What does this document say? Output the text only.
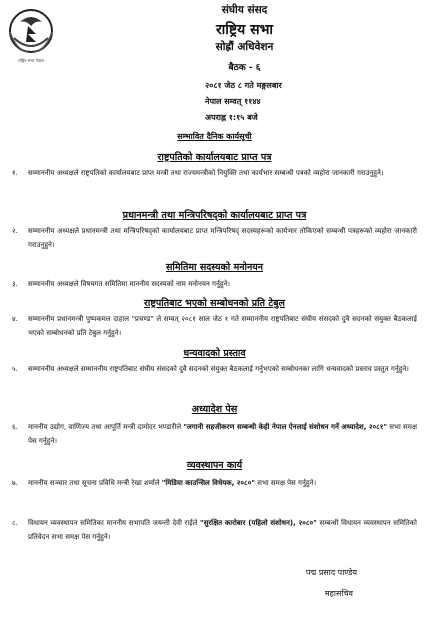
राष्ट्रिय सभा नेपाल
संघीय संसद
राष्ट्रिय सभा
सोह्रौं अधिवेशन
बैठक - ६
२०८१ जेठ ८ गते मङ्गलबार
नेपाल सम्वत् ११४४
अपराह्न १:१५ बजे
सम्भावित दैनिक कार्यसूची
राष्ट्रपतिको कार्यालयबाट प्राप्त पत्र
१. सम्माननीय अध्यक्षले राष्ट्रपतिको कार्यालयबाट प्राप्त मन्त्री तथा राज्यमन्त्रीको नियुक्ति तथा कार्यभार सम्बन्धी पत्रको व्यहोरा जानकारी गराउनुहुने।
प्रधानमन्त्री तथा मन्त्रिपरिषद्को कार्यालयबाट प्राप्त पत्र
२. सम्माननीय अध्यक्षले प्रधानमन्त्री तथा मन्त्रिपरिषद्को कार्यालयबाट प्राप्त मन्त्रिपरिषद् सदस्यहरूको कार्यभार तोकिएको सम्बन्धी पत्रहरूको व्यहोरा जानकारी गराउनुहुने।
समितिमा सदस्यको मनोनयन
३. सम्माननीय अध्यक्षले विषयगत समितिमा माननीय सदस्यको नाम मनोनयन गर्नुहुने।
राष्ट्रपतिबाट भएको सम्बोधनको प्रति टेबुल
४. सम्माननीय प्रधानमन्त्री पुष्पकमल दाहाल "प्रचण्ड" ले सम्वत् २०८१ साल जेठ १ गते सम्माननीय राष्ट्रपतिबाट संघीय संसदको दुवै सदनको संयुक्त बैठकलाई भएको सम्बोधनको प्रति टेबुल गर्नुहुने।
धन्यवादको प्रस्ताव
५. सम्माननीय अध्यक्षले सम्माननीय राष्ट्रपतिबाट संघीय संसदको दुवै सदनको संयुक्त बैठकलाई गर्नुभएको सम्बोधनका लागि धन्यवादको प्रस्ताव प्रस्तुत गर्नुहुने।
अध्यादेश पेस
६. माननीय उद्योग, वाणिज्य तथा आपूर्ति मन्त्री दामोदर भण्डारीले "लगानी सहजीकरण सम्बन्धी केही नेपाल ऐनलाई संशोधन गर्ने अध्यादेश, २०८१" सभा समक्ष पेस गर्नुहुने।
व्यवस्थापन कार्य
७. माननीय सञ्चार तथा सूचना प्रविधि मन्त्री रेखा शर्माले "मिडिया काउन्सिल विधेयक, २०८०" सभा समक्ष पेस गर्नुहुने।
८. विधायन व्यवस्थापन समितिका माननीय सभापति जयन्ती देवी राईले "सुरक्षित कारोबार (पहिलो संशोधन), २०८०" सम्बन्धी विधायन व्यवस्थापन समितिको प्रतिवेदन सभा समक्ष पेस गर्नुहुने।
पद्म प्रसाद पाण्डेय
महासचिव
